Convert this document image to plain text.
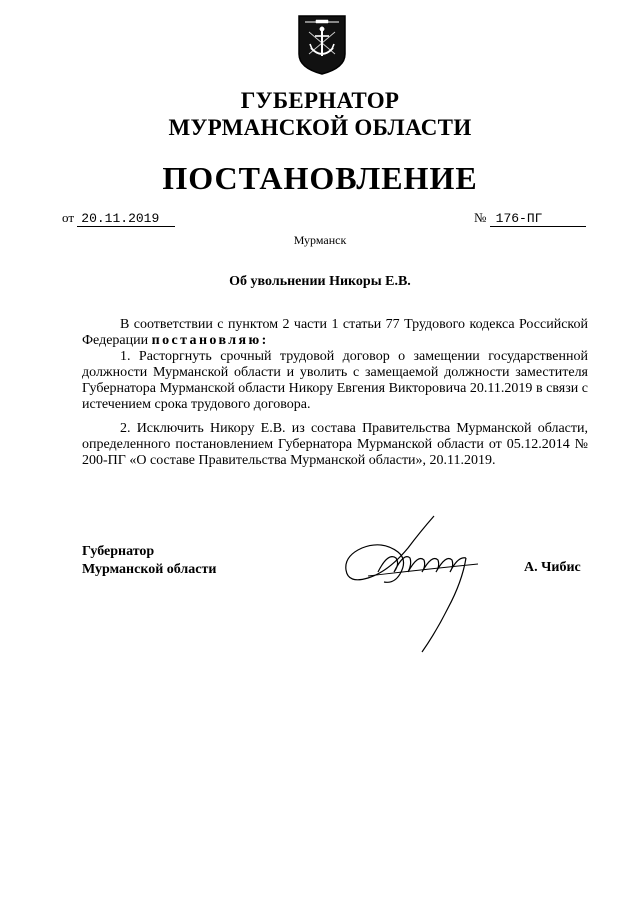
ГУБЕРНАТОР
МУРМАНСКОЙ ОБЛАСТИ
ПОСТАНОВЛЕНИЕ
от 20.11.2019	№ 176-ПГ
Мурманск
Об увольнении Никоры Е.В.
В соответствии с пунктом 2 части 1 статьи 77 Трудового кодекса Российской Федерации постановляю:
1. Расторгнуть срочный трудовой договор о замещении государственной должности Мурманской области и уволить с замещаемой должности заместителя Губернатора Мурманской области Никору Евгения Викторовича 20.11.2019 в связи с истечением срока трудового договора.
2. Исключить Никору Е.В. из состава Правительства Мурманской области, определенного постановлением Губернатора Мурманской области от 05.12.2014 № 200-ПГ «О составе Правительства Мурманской области», 20.11.2019.
Губернатор
Мурманской области	А. Чибис
